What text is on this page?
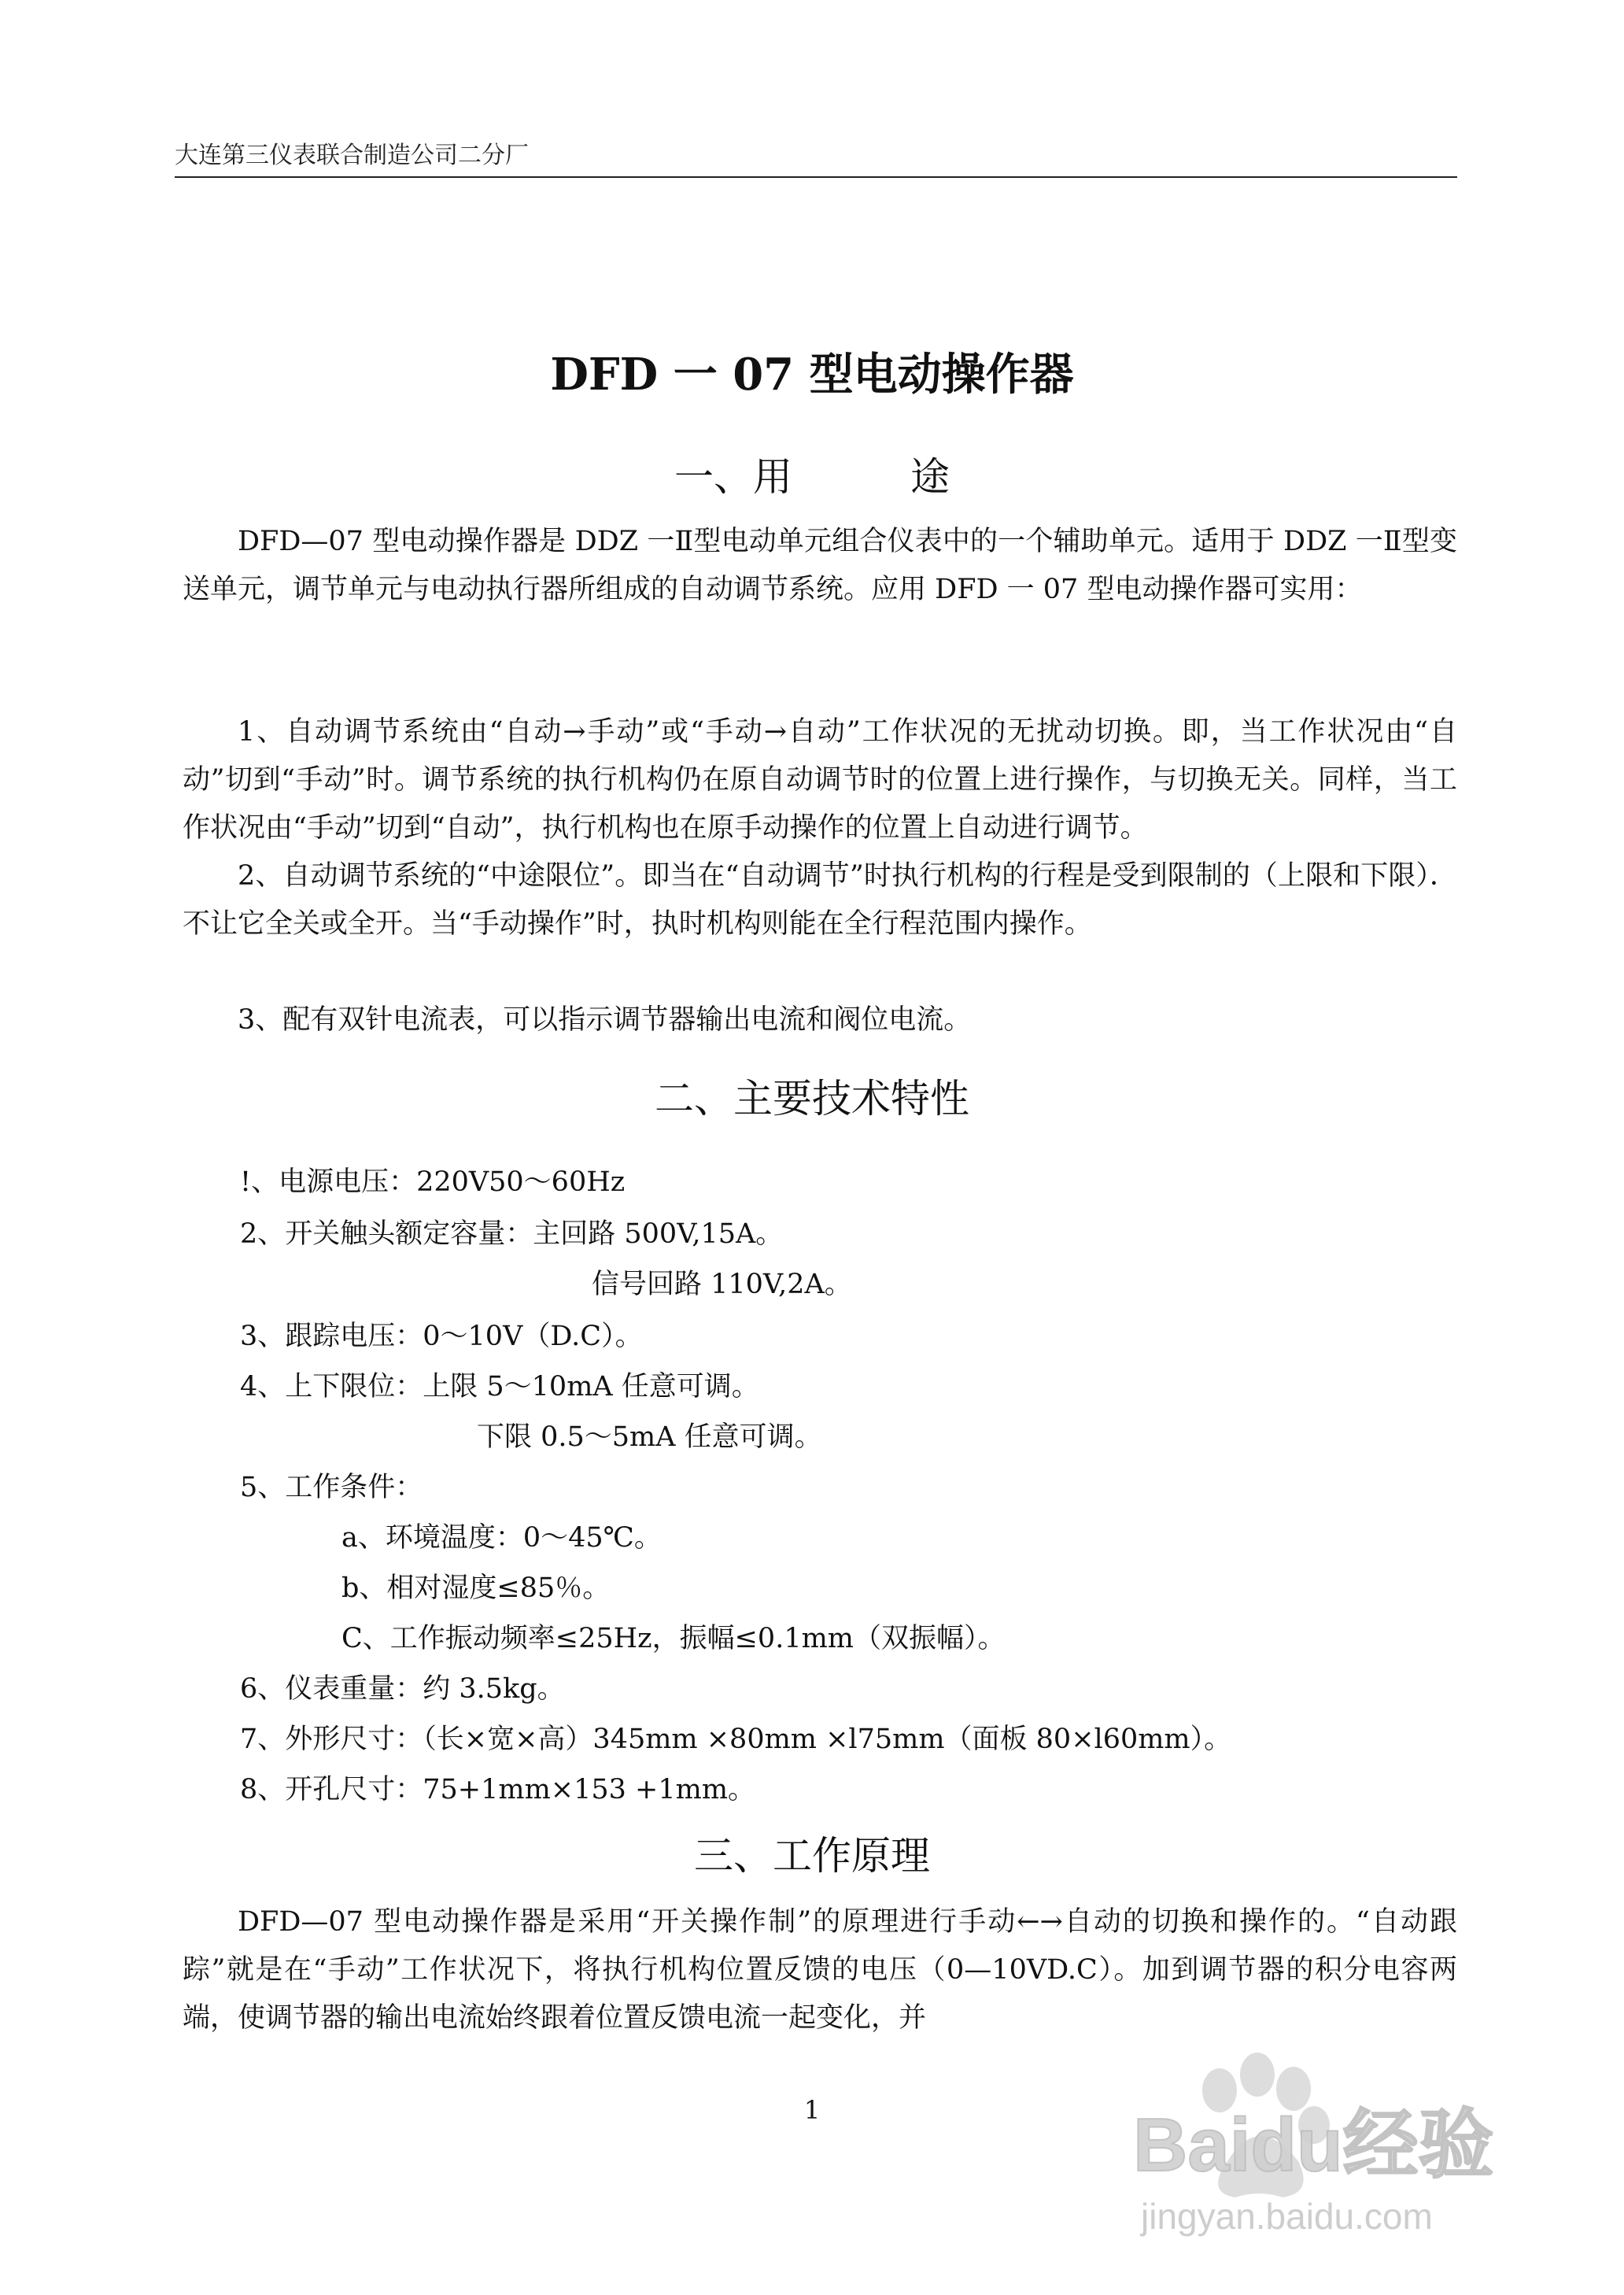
大连第三仪表联合制造公司二分厂
DFD 一 07 型电动操作器
一、用　　　途
DFD—07 型电动操作器是 DDZ 一Ⅱ型电动单元组合仪表中的一个辅助单元。适用于 DDZ 一Ⅱ型变送单元，调节单元与电动执行器所组成的自动调节系统。应用 DFD 一 07 型电动操作器可实用：
1、自动调节系统由“自动→手动”或“手动→自动”工作状况的无扰动切换。即，当工作状况由“自动”切到“手动”时。调节系统的执行机构仍在原自动调节时的位置上进行操作，与切换无关。同样，当工作状况由“手动”切到“自动”，执行机构也在原手动操作的位置上自动进行调节。
2、自动调节系统的“中途限位”。即当在“自动调节”时执行机构的行程是受到限制的（上限和下限）．不让它全关或全开。当“手动操作”时，执时机构则能在全行程范围内操作。
3、配有双针电流表，可以指示调节器输出电流和阀位电流。
二、主要技术特性
!、电源电压：220V50～60Hz
2、开关触头额定容量：主回路 500V,15A。
信号回路 110V,2A。
3、跟踪电压：0～10V（D.C）。
4、上下限位：上限 5～10mA 任意可调。
下限 0.5～5mA 任意可调。
5、工作条件：
a、环境温度：0～45℃。
b、相对湿度≤85％。
C、工作振动频率≤25Hz，振幅≤0.1mm（双振幅）。
6、仪表重量：约 3.5kg。
7、外形尺寸：（长×宽×高）345mm ×80mm ×l75mm（面板 80×l60mm）。
8、开孔尺寸：75+1mm×153 +1mm。
三、工作原理
DFD—07 型电动操作器是采用“开关操作制”的原理进行手动←→自动的切换和操作的。“自动跟踪”就是在“手动”工作状况下，将执行机构位置反馈的电压（0—10VD.C）。加到调节器的积分电容两端，使调节器的输出电流始终跟着位置反馈电流一起变化，并
1	Baidu经验
jingyan.baidu.com
